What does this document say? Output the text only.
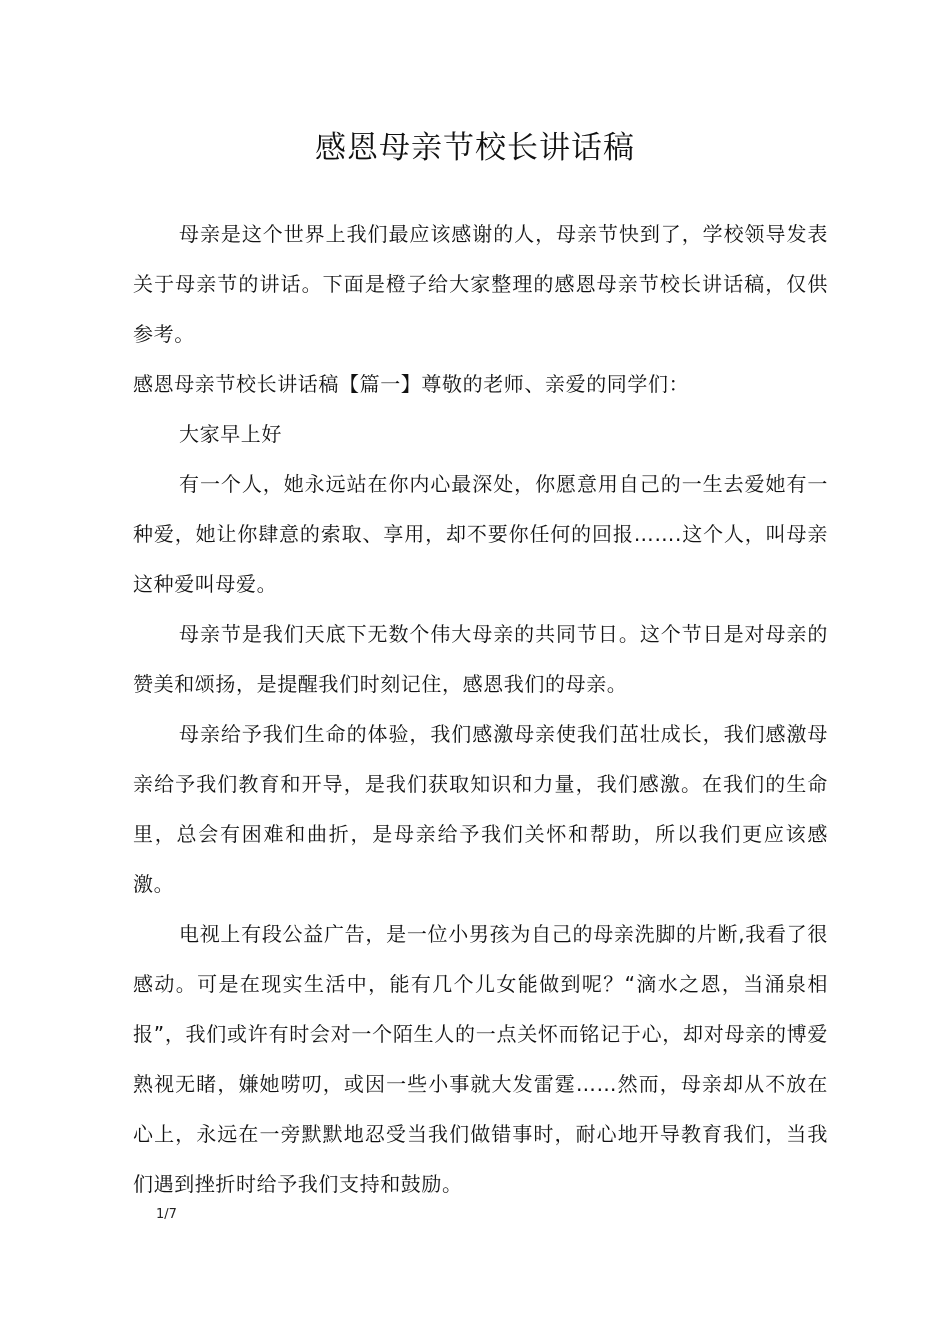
感恩母亲节校长讲话稿

母亲是这个世界上我们最应该感谢的人，母亲节快到了，学校领导发表关于母亲节的讲话。下面是橙子给大家整理的感恩母亲节校长讲话稿，仅供参考。

感恩母亲节校长讲话稿【篇一】尊敬的老师、亲爱的同学们：

大家早上好

有一个人，她永远站在你内心最深处，你愿意用自己的一生去爱她有一种爱，她让你肆意的索取、享用，却不要你任何的回报…….这个人，叫母亲这种爱叫母爱。

母亲节是我们天底下无数个伟大母亲的共同节日。这个节日是对母亲的赞美和颂扬，是提醒我们时刻记住，感恩我们的母亲。

母亲给予我们生命的体验，我们感激母亲使我们茁壮成长，我们感激母亲给予我们教育和开导，是我们获取知识和力量，我们感激。在我们的生命里，总会有困难和曲折，是母亲给予我们关怀和帮助，所以我们更应该感激。

电视上有段公益广告，是一位小男孩为自己的母亲洗脚的片断,我看了很感动。可是在现实生活中，能有几个儿女能做到呢？“滴水之恩，当涌泉相报”，我们或许有时会对一个陌生人的一点关怀而铭记于心，却对母亲的博爱熟视无睹，嫌她唠叨，或因一些小事就大发雷霆……然而，母亲却从不放在心上，永远在一旁默默地忍受当我们做错事时，耐心地开导教育我们，当我们遇到挫折时给予我们支持和鼓励。

1/7
